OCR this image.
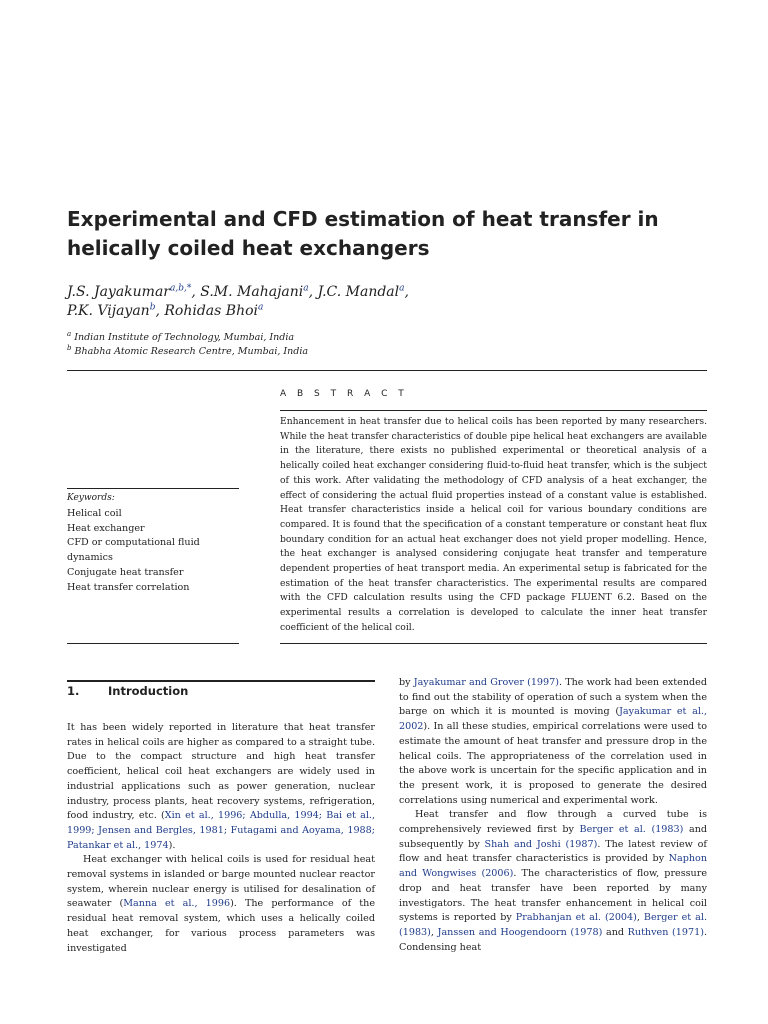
Experimental and CFD estimation of heat transfer in helically coiled heat exchangers
J.S. Jayakumar$^{a,b,*}$, S.M. Mahajani$^a$, J.C. Mandal$^a$,
P.K. Vijayan$^b$, Rohidas Bhoi$^a$
$^a$ Indian Institute of Technology, Mumbai, India
$^b$ Bhabha Atomic Research Centre, Mumbai, India
A B S T R A C T
Enhancement in heat transfer due to helical coils has been reported by many researchers. While the heat transfer characteristics of double pipe helical heat exchangers are available in the literature, there exists no published experimental or theoretical analysis of a helically coiled heat exchanger considering fluid-to-fluid heat transfer, which is the subject of this work. After validating the methodology of CFD analysis of a heat exchanger, the effect of considering the actual fluid properties instead of a constant value is established. Heat transfer characteristics inside a helical coil for various boundary conditions are compared. It is found that the specification of a constant temperature or constant heat flux boundary condition for an actual heat exchanger does not yield proper modelling. Hence, the heat exchanger is analysed considering conjugate heat transfer and temperature dependent properties of heat transport media. An experimental setup is fabricated for the estimation of the heat transfer characteristics. The experimental results are compared with the CFD calculation results using the CFD package FLUENT 6.2. Based on the experimental results a correlation is developed to calculate the inner heat transfer coefficient of the helical coil.
Keywords:
Helical coil
Heat exchanger
CFD or computational fluid dynamics
Conjugate heat transfer
Heat transfer correlation
1. Introduction

It has been widely reported in literature that heat transfer rates in helical coils are higher as compared to a straight tube. Due to the compact structure and high heat transfer coefficient, helical coil heat exchangers are widely used in industrial applications such as power generation, nuclear industry, process plants, heat recovery systems, refrigeration, food industry, etc. (Xin et al., 1996; Abdulla, 1994; Bai et al., 1999; Jensen and Bergles, 1981; Futagami and Aoyama, 1988; Patankar et al., 1974).

Heat exchanger with helical coils is used for residual heat removal systems in islanded or barge mounted nuclear reactor system, wherein nuclear energy is utilised for desalination of seawater (Manna et al., 1996). The performance of the residual heat removal system, which uses a helically coiled heat exchanger, for various process parameters was investigated

by Jayakumar and Grover (1997). The work had been extended to find out the stability of operation of such a system when the barge on which it is mounted is moving (Jayakumar et al., 2002). In all these studies, empirical correlations were used to estimate the amount of heat transfer and pressure drop in the helical coils. The appropriateness of the correlation used in the above work is uncertain for the specific application and in the present work, it is proposed to generate the desired correlations using numerical and experimental work.

Heat transfer and flow through a curved tube is comprehensively reviewed first by Berger et al. (1983) and subsequently by Shah and Joshi (1987). The latest review of flow and heat transfer characteristics is provided by Naphon and Wongwises (2006). The characteristics of flow, pressure drop and heat transfer have been reported by many investigators. The heat transfer enhancement in helical coil systems is reported by Prabhanjan et al. (2004), Berger et al. (1983), Janssen and Hoogendoorn (1978) and Ruthven (1971). Condensing heat
